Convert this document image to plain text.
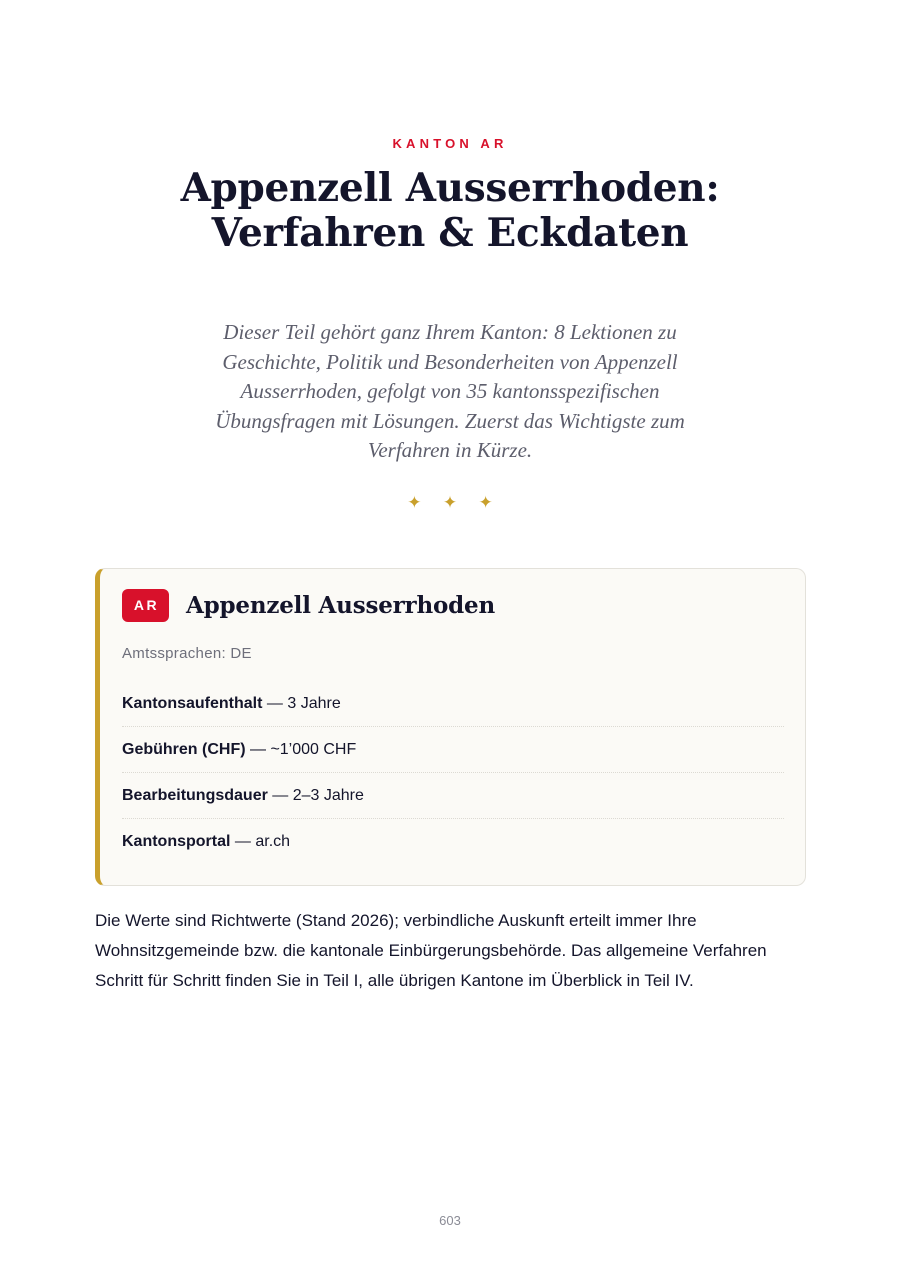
KANTON AR
Appenzell Ausserrhoden: Verfahren & Eckdaten

Dieser Teil gehört ganz Ihrem Kanton: 8 Lektionen zu Geschichte, Politik und Besonderheiten von Appenzell Ausserrhoden, gefolgt von 35 kantonsspezifischen Übungsfragen mit Lösungen. Zuerst das Wichtigste zum Verfahren in Kürze.

✦ ✦ ✦
AR	Appenzell Ausserrhoden
Amtssprachen: DE
Kantonsaufenthalt — 3 Jahre
Gebühren (CHF) — ~1’000 CHF
Bearbeitungsdauer — 2–3 Jahre
Kantonsportal — ar.ch

Die Werte sind Richtwerte (Stand 2026); verbindliche Auskunft erteilt immer Ihre Wohnsitzgemeinde bzw. die kantonale Einbürgerungsbehörde. Das allgemeine Verfahren Schritt für Schritt finden Sie in Teil I, alle übrigen Kantone im Überblick in Teil IV.

603
